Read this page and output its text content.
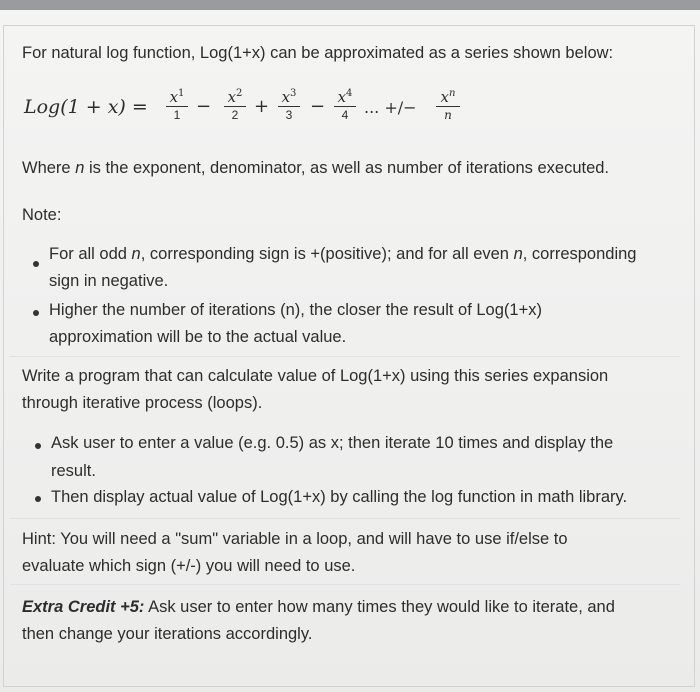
For natural log function, Log(1+x) can be approximated as a series shown below:
$Log(1 + x) = x^1$
$1 - x^2$
$2 + x^3$
$3 - x^4$
4 ... +/−
$x^n$
n
Where n is the exponent, denominator, as well as number of iterations executed.
Note:
For all odd n, corresponding sign is +(positive); and for all even n, corresponding
sign in negative.
Higher the number of iterations (n), the closer the result of Log(1+x)
approximation will be to the actual value.
Write a program that can calculate value of Log(1+x) using this series expansion
through iterative process (loops).
Ask user to enter a value (e.g. 0.5) as x; then iterate 10 times and display the
result.
Then display actual value of Log(1+x) by calling the log function in math library.
Hint: You will need a "sum" variable in a loop, and will have to use if/else to
evaluate which sign (+/-) you will need to use.
Extra Credit +5: Ask user to enter how many times they would like to iterate, and
then change your iterations accordingly.
